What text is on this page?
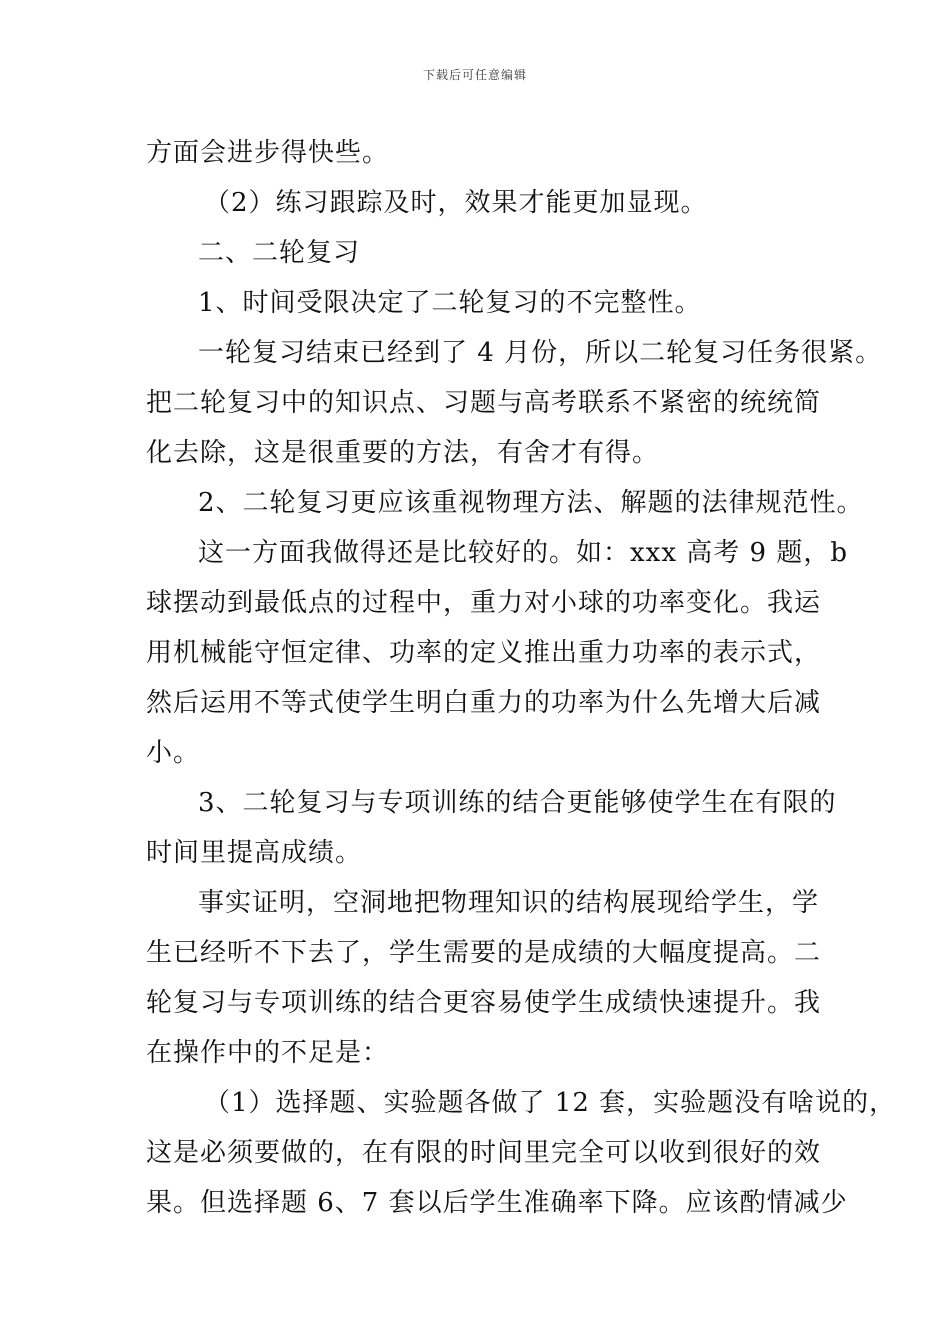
下载后可任意编辑
方面会进步得快些。
（2）练习跟踪及时，效果才能更加显现。
二、二轮复习
1、时间受限决定了二轮复习的不完整性。
一轮复习结束已经到了 4 月份，所以二轮复习任务很紧。
把二轮复习中的知识点、习题与高考联系不紧密的统统简
化去除，这是很重要的方法，有舍才有得。
2、二轮复习更应该重视物理方法、解题的法律规范性。
这一方面我做得还是比较好的。如：xxx 高考 9 题，b
球摆动到最低点的过程中，重力对小球的功率变化。我运
用机械能守恒定律、功率的定义推出重力功率的表示式，
然后运用不等式使学生明白重力的功率为什么先增大后减
小。
3、二轮复习与专项训练的结合更能够使学生在有限的
时间里提高成绩。
事实证明，空洞地把物理知识的结构展现给学生，学
生已经听不下去了，学生需要的是成绩的大幅度提高。二
轮复习与专项训练的结合更容易使学生成绩快速提升。我
在操作中的不足是：
（1）选择题、实验题各做了 12 套，实验题没有啥说的，
这是必须要做的，在有限的时间里完全可以收到很好的效
果。但选择题 6、7 套以后学生准确率下降。应该酌情减少
